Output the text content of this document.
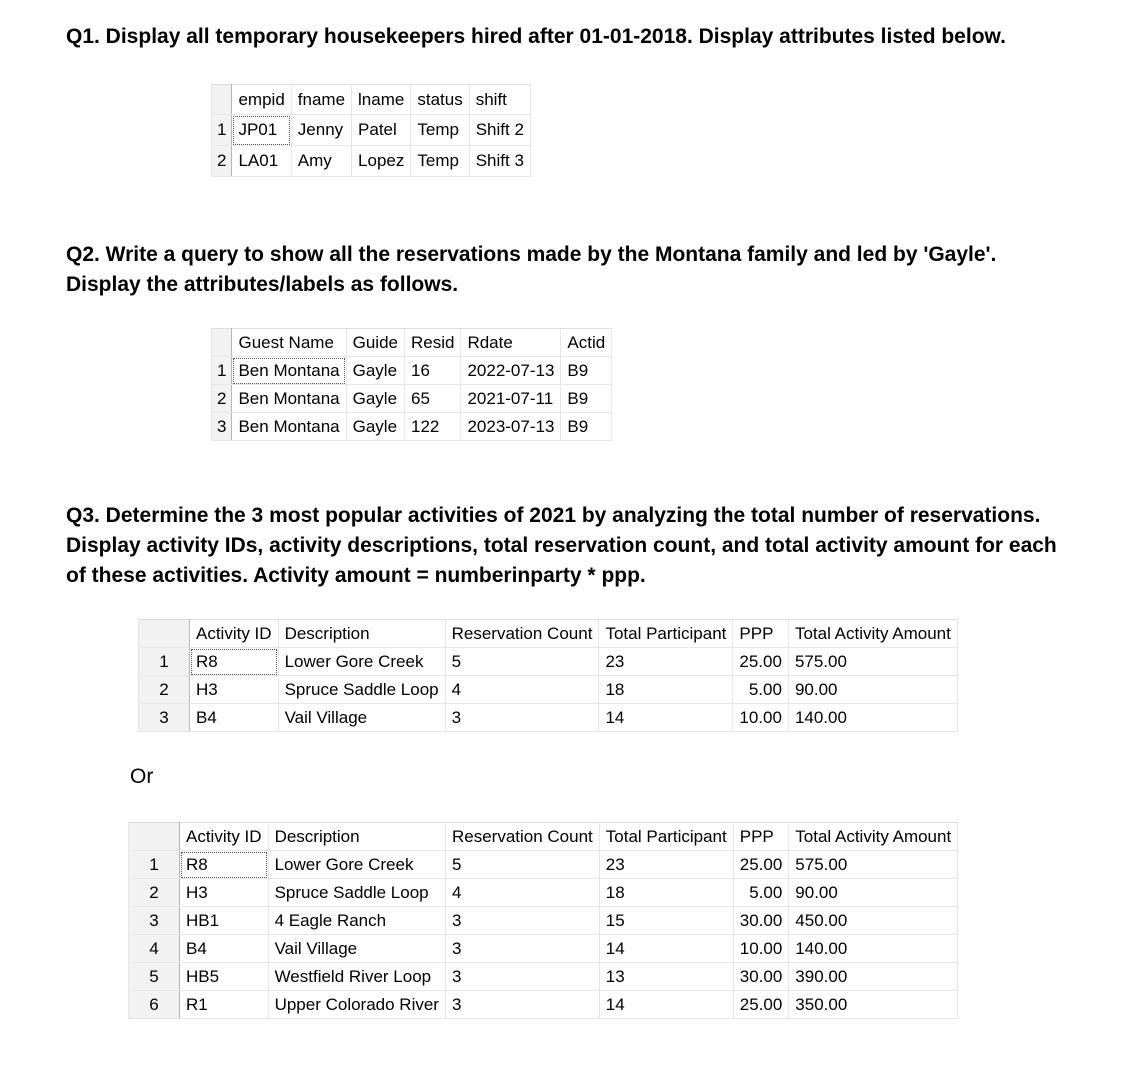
Q1. Display all temporary housekeepers hired after 01-01-2018. Display attributes listed below.
	empid	fname	lname	status	shift
1	JP01	Jenny	Patel	Temp	Shift 2
2	LA01	Amy	Lopez	Temp	Shift 3
Q2. Write a query to show all the reservations made by the Montana family and led by 'Gayle'.
Display the attributes/labels as follows.
	Guest Name	Guide	Resid	Rdate	Actid
1	Ben Montana	Gayle	16	2022-07-13	B9
2	Ben Montana	Gayle	65	2021-07-11	B9
3	Ben Montana	Gayle	122	2023-07-13	B9
Q3. Determine the 3 most popular activities of 2021 by analyzing the total number of reservations.
Display activity IDs, activity descriptions, total reservation count, and total activity amount for each
of these activities. Activity amount = numberinparty * ppp.
	Activity ID	Description	Reservation Count	Total Participant	PPP	Total Activity Amount
1	R8	Lower Gore Creek	5	23	25.00	575.00
2	H3	Spruce Saddle Loop	4	18	5.00	90.00
3	B4	Vail Village	3	14	10.00	140.00
Or
	Activity ID	Description	Reservation Count	Total Participant	PPP	Total Activity Amount
1	R8	Lower Gore Creek	5	23	25.00	575.00
2	H3	Spruce Saddle Loop	4	18	5.00	90.00
3	HB1	4 Eagle Ranch	3	15	30.00	450.00
4	B4	Vail Village	3	14	10.00	140.00
5	HB5	Westfield River Loop	3	13	30.00	390.00
6	R1	Upper Colorado River	3	14	25.00	350.00
